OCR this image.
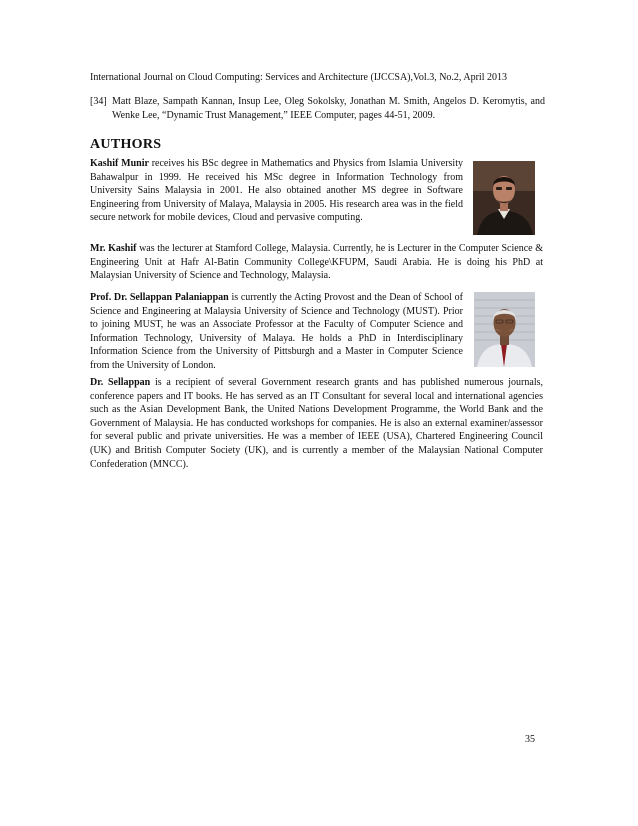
International Journal on Cloud Computing: Services and Architecture (IJCCSA),Vol.3, No.2, April 2013
[34] Matt Blaze, Sampath Kannan, Insup Lee, Oleg Sokolsky, Jonathan M. Smith, Angelos D. Keromytis, and Wenke Lee, “Dynamic Trust Management,” IEEE Computer, pages 44-51, 2009.
AUTHORS

Kashif Munir receives his BSc degree in Mathematics and Physics from Islamia University Bahawalpur in 1999. He received his MSc degree in Information Technology from University Sains Malaysia in 2001. He also obtained another MS degree in Software Engineering from University of Malaya, Malaysia in 2005. His research area was in the field secure network for mobile devices, Cloud and pervasive computing.

Mr. Kashif was the lecturer at Stamford College, Malaysia. Currently, he is Lecturer in the Computer Science & Engineering Unit at Hafr Al-Batin Community College\KFUPM, Saudi Arabia. He is doing his PhD at Malaysian University of Science and Technology, Malaysia.

Prof. Dr. Sellappan Palaniappan is currently the Acting Provost and the Dean of School of Science and Engineering at Malaysia University of Science and Technology (MUST). Prior to joining MUST, he was an Associate Professor at the Faculty of Computer Science and Information Technology, University of Malaya. He holds a PhD in Interdisciplinary Information Science from the University of Pittsburgh and a Master in Computer Science from the University of London.

Dr. Sellappan is a recipient of several Government research grants and has published numerous journals, conference papers and IT books. He has served as an IT Consultant for several local and international agencies such as the Asian Development Bank, the United Nations Development Programme, the World Bank and the Government of Malaysia. He has conducted workshops for companies. He is also an external examiner/assessor for several public and private universities. He was a member of IEEE (USA), Chartered Engineering Council (UK) and British Computer Society (UK), and is currently a member of the Malaysian National Computer Confederation (MNCC).

35
